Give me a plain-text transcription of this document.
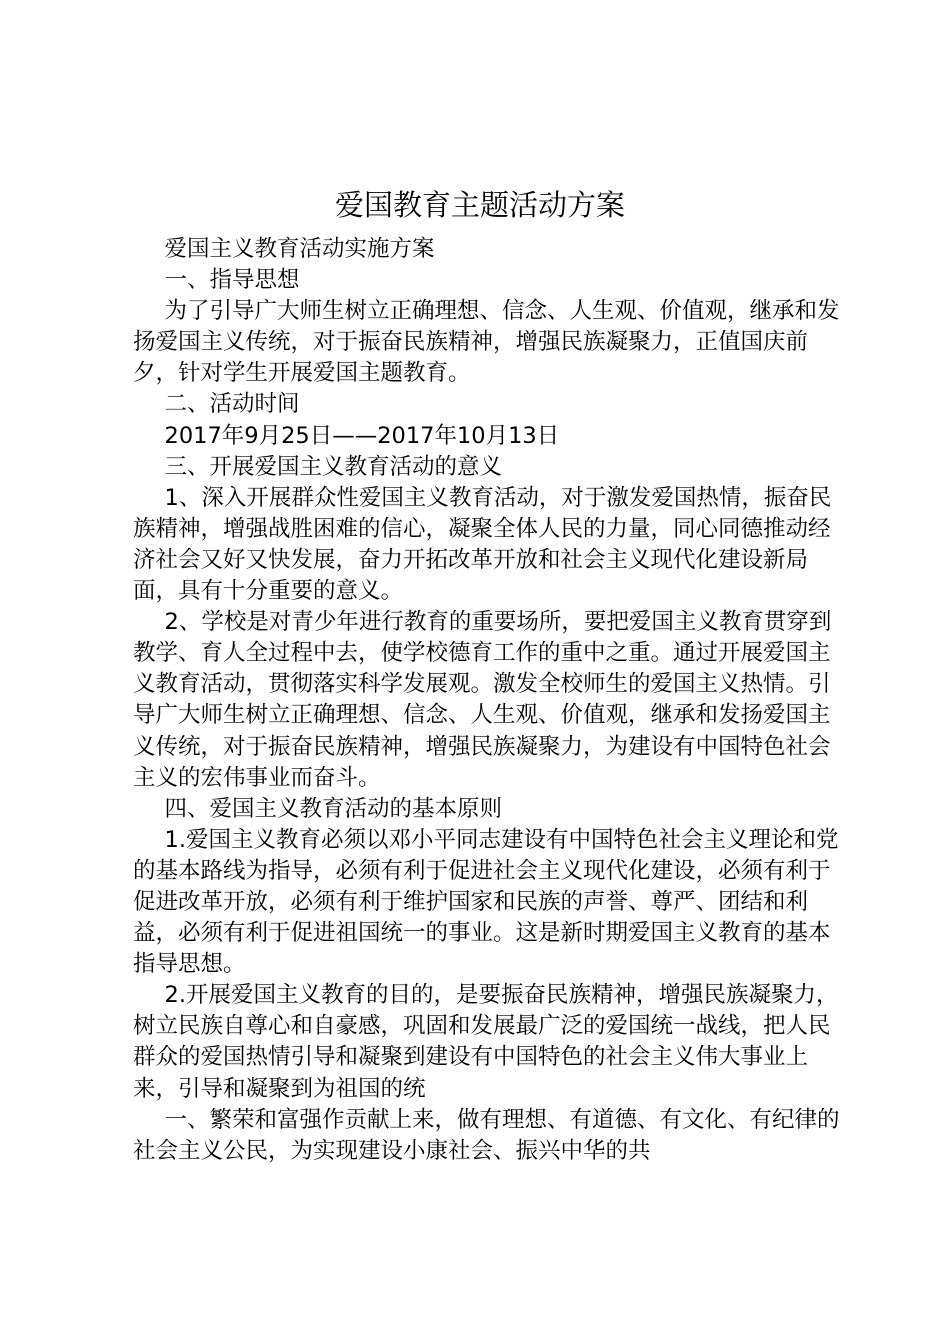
爱国教育主题活动方案

爱国主义教育活动实施方案

一、指导思想

为了引导广大师生树立正确理想、信念、人生观、价值观，继承和发扬爱国主义传统，对于振奋民族精神，增强民族凝聚力，正值国庆前夕，针对学生开展爱国主题教育。

二、活动时间

2017年9月25日——2017年10月13日

三、开展爱国主义教育活动的意义

1、深入开展群众性爱国主义教育活动，对于激发爱国热情，振奋民族精神，增强战胜困难的信心，凝聚全体人民的力量，同心同德推动经济社会又好又快发展，奋力开拓改革开放和社会主义现代化建设新局面，具有十分重要的意义。

2、学校是对青少年进行教育的重要场所，要把爱国主义教育贯穿到教学、育人全过程中去，使学校德育工作的重中之重。通过开展爱国主义教育活动，贯彻落实科学发展观。激发全校师生的爱国主义热情。引导广大师生树立正确理想、信念、人生观、价值观，继承和发扬爱国主义传统，对于振奋民族精神，增强民族凝聚力，为建设有中国特色社会主义的宏伟事业而奋斗。

四、爱国主义教育活动的基本原则

1.爱国主义教育必须以邓小平同志建设有中国特色社会主义理论和党的基本路线为指导，必须有利于促进社会主义现代化建设，必须有利于促进改革开放，必须有利于维护国家和民族的声誉、尊严、团结和利益，必须有利于促进祖国统一的事业。这是新时期爱国主义教育的基本指导思想。

2.开展爱国主义教育的目的，是要振奋民族精神，增强民族凝聚力，树立民族自尊心和自豪感，巩固和发展最广泛的爱国统一战线，把人民群众的爱国热情引导和凝聚到建设有中国特色的社会主义伟大事业上来，引导和凝聚到为祖国的统

一、繁荣和富强作贡献上来，做有理想、有道德、有文化、有纪律的社会主义公民，为实现建设小康社会、振兴中华的共
